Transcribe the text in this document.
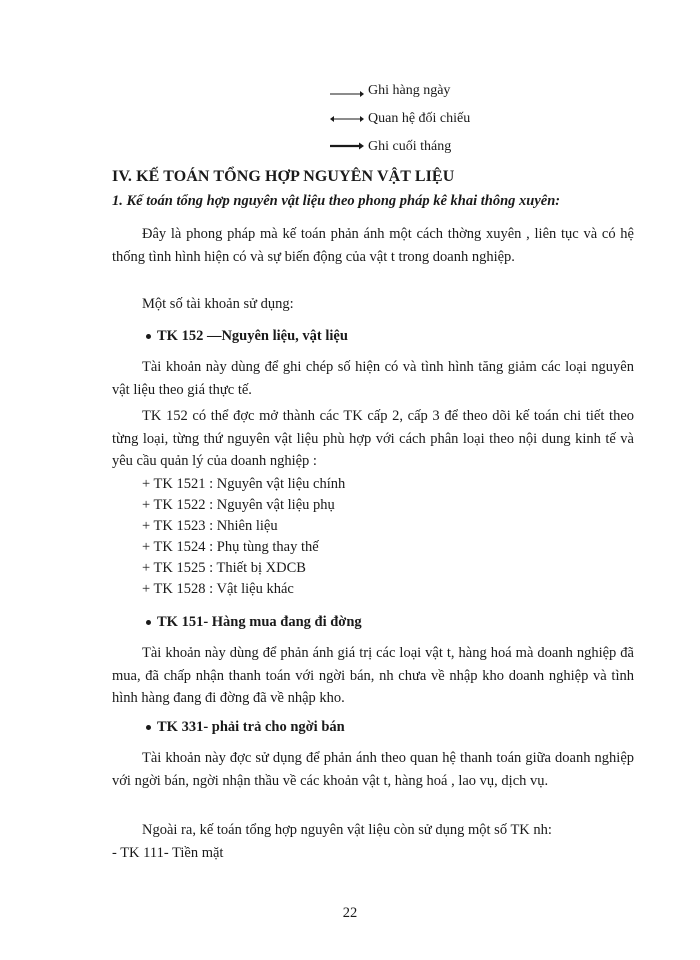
Ghi hàng ngày
Quan hệ đối chiếu
Ghi cuối tháng
IV. KẾ TOÁN TỔNG HỢP NGUYÊN VẬT LIỆU
1. Kế toán tổng hợp nguyên vật liệu theo phong pháp kê khai thông xuyên:
Đây là phong pháp mà kế toán phản ánh một cách thờng xuyên , liên tục và có hệ thống tình hình hiện có và sự biến động của vật t trong doanh nghiệp.
Một số tài khoản sử dụng:
TK 152 —Nguyên liệu, vật liệu
Tài khoản này dùng để ghi chép số hiện có và tình hình tăng giảm các loại nguyên vật liệu theo giá thực tế.
TK 152 có thể đợc mở thành các TK cấp 2, cấp 3 để theo dõi kế toán chi tiết theo từng loại, từng thứ nguyên vật liệu phù hợp với cách phân loại theo nội dung kinh tế và yêu cầu quản lý của doanh nghiệp :
+ TK 1521 : Nguyên vật liệu chính
+ TK 1522 : Nguyên vật liệu phụ
+ TK 1523 : Nhiên liệu
+ TK 1524 : Phụ tùng thay thế
+ TK 1525 : Thiết bị XDCB
+ TK 1528 : Vật liệu khác
TK 151- Hàng mua đang đi đờng
Tài khoản này dùng để phản ánh giá trị các loại vật t, hàng hoá mà doanh nghiệp đã mua, đã chấp nhận thanh toán với ngời bán, nh chưa về nhập kho doanh nghiệp và tình hình hàng đang đi đờng đã về nhập kho.
TK 331- phải trả cho ngời bán
Tài khoản này đợc sử dụng để phản ánh theo quan hệ thanh toán giữa doanh nghiệp với ngời bán, ngời nhận thầu về các khoản vật t, hàng hoá , lao vụ, dịch vụ.
Ngoài ra, kế toán tổng hợp nguyên vật liệu còn sử dụng một số TK nh:
- TK 111- Tiền mặt
22
